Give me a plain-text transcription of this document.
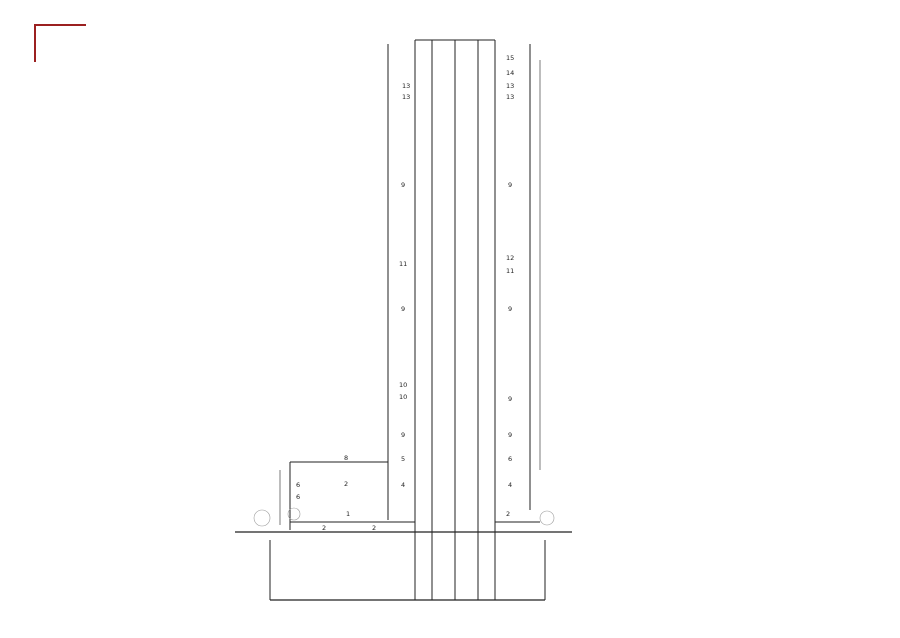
15
14
13
13
13
13
9	9
12
11
11
9	9
10
10	9
9	9
8	5	6
6
6
2	4	4
1	2
2	2
